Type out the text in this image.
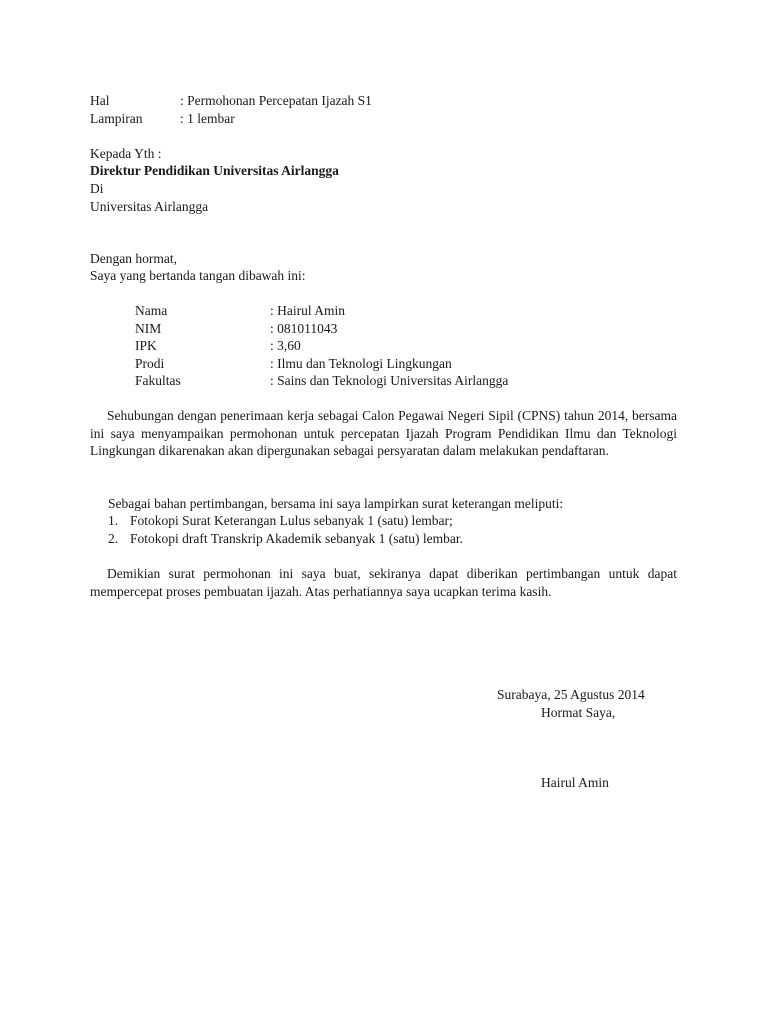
Hal	: Permohonan Percepatan Ijazah S1
Lampiran	: 1 lembar
Kepada Yth :
Direktur Pendidikan Universitas Airlangga
Di
Universitas Airlangga
Dengan hormat,
Saya yang bertanda tangan dibawah ini:
Nama	: Hairul Amin
NIM	: 081011043
IPK	: 3,60
Prodi	: Ilmu dan Teknologi Lingkungan
Fakultas	: Sains dan Teknologi Universitas Airlangga
Sehubungan dengan penerimaan kerja sebagai Calon Pegawai Negeri Sipil (CPNS) tahun 2014, bersama ini saya menyampaikan permohonan untuk percepatan Ijazah Program Pendidikan Ilmu dan Teknologi Lingkungan dikarenakan akan dipergunakan sebagai persyaratan dalam melakukan pendaftaran.
Sebagai bahan pertimbangan, bersama ini saya lampirkan surat keterangan meliputi:
1. Fotokopi Surat Keterangan Lulus sebanyak 1 (satu) lembar;
2. Fotokopi draft Transkrip Akademik sebanyak 1 (satu) lembar.
Demikian surat permohonan ini saya buat, sekiranya dapat diberikan pertimbangan untuk dapat mempercepat proses pembuatan ijazah. Atas perhatiannya saya ucapkan terima kasih.
Surabaya, 25 Agustus 2014
Hormat Saya,
Hairul Amin
